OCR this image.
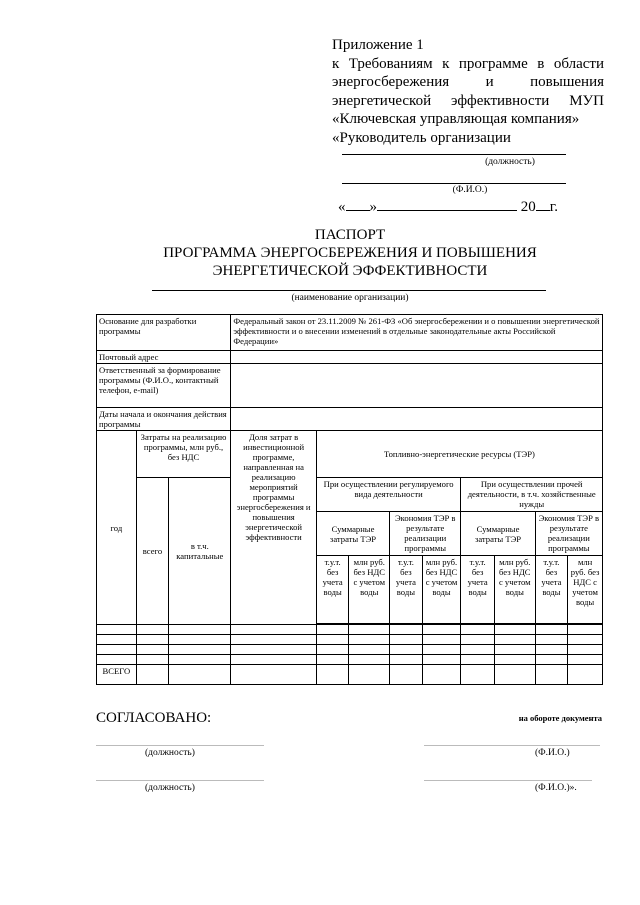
Приложение 1
к Требованиям к программе в области
энергосбережения и повышения
энергетической эффективности МУП
«Ключевская управляющая компания»
«Руководитель организации
(должность)
(Ф.И.О.)
« »	20 г.
ПАСПОРТ
ПРОГРАММА ЭНЕРГОСБЕРЕЖЕНИЯ И ПОВЫШЕНИЯ
ЭНЕРГЕТИЧЕСКОЙ ЭФФЕКТИВНОСТИ
(наименование организации)
Основание для разработки программы			Федеральный закон от 23.11.2009 № 261-ФЗ «Об энергосбережении и о повышении энергетической эффективности и о внесении изменений в отдельные законодательные акты Российской Федерации»								
Почтовый адрес											
Ответственный за формирование программы (Ф.И.О., контактный телефон, e-mail)											
Даты начала и окончания действия программы											
год	Затраты на реализацию программы, млн руб., без НДС		Доля затрат в инвестиционной программе, направленная на реализацию мероприятий программы энергосбережения и повышения энергетической эффективности	Топливно-энергетические ресурсы (ТЭР)							
	всего	в т.ч. капитальные		При осуществлении регулируемого вида деятельности				При осуществлении прочей деятельности, в т.ч. хозяйственные нужды			
				Суммарные затраты ТЭР		Экономия ТЭР в результате реализации программы		Суммарные затраты ТЭР		Экономия ТЭР в результате реализации программы	
				т.у.т. без учета воды	млн руб. без НДС с учетом воды	т.у.т. без учета воды	млн руб. без НДС с учетом воды	т.у.т. без учета воды	млн руб. без НДС с учетом воды	т.у.т. без учета воды	млн руб. без НДС с учетом воды

ВСЕГО											
СОГЛАСОВАНО:	на обороте документа
(должность)	(Ф.И.О.)
(должность)	(Ф.И.О.)».
